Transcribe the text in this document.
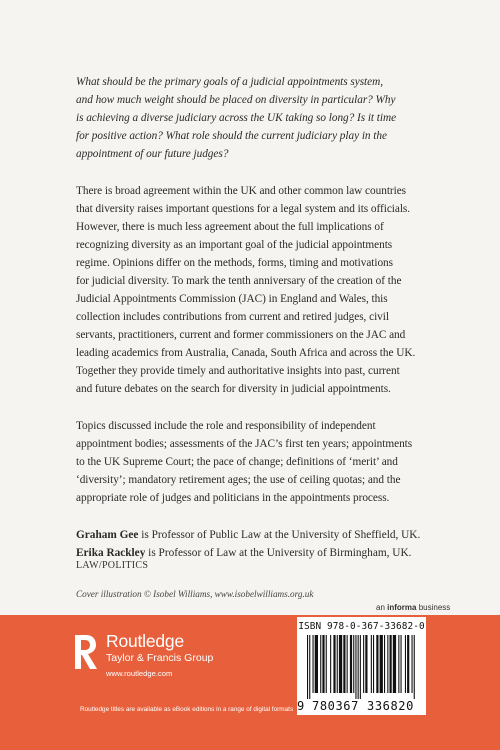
What should be the primary goals of a judicial appointments system,
and how much weight should be placed on diversity in particular? Why
is achieving a diverse judiciary across the UK taking so long? Is it time
for positive action? What role should the current judiciary play in the
appointment of our future judges?

There is broad agreement within the UK and other common law countries
that diversity raises important questions for a legal system and its officials.
However, there is much less agreement about the full implications of
recognizing diversity as an important goal of the judicial appointments
regime. Opinions differ on the methods, forms, timing and motivations
for judicial diversity. To mark the tenth anniversary of the creation of the
Judicial Appointments Commission (JAC) in England and Wales, this
collection includes contributions from current and retired judges, civil
servants, practitioners, current and former commissioners on the JAC and
leading academics from Australia, Canada, South Africa and across the UK.
Together they provide timely and authoritative insights into past, current
and future debates on the search for diversity in judicial appointments.

Topics discussed include the role and responsibility of independent
appointment bodies; assessments of the JAC’s first ten years; appointments
to the UK Supreme Court; the pace of change; definitions of ‘merit’ and
‘diversity’; mandatory retirement ages; the use of ceiling quotas; and the
appropriate role of judges and politicians in the appointments process.

Graham Gee is Professor of Public Law at the University of Sheffield, UK.
Erika Rackley is Professor of Law at the University of Birmingham, UK.

LAW/POLITICS
Cover illustration © Isobel Williams, www.isobelwilliams.org.uk
an informa business
Routledge
Taylor & Francis Group
www.routledge.com
Routledge titles are available as eBook editions in a range of digital formats
ISBN 978-0-367-33682-0
9 780367 336820
